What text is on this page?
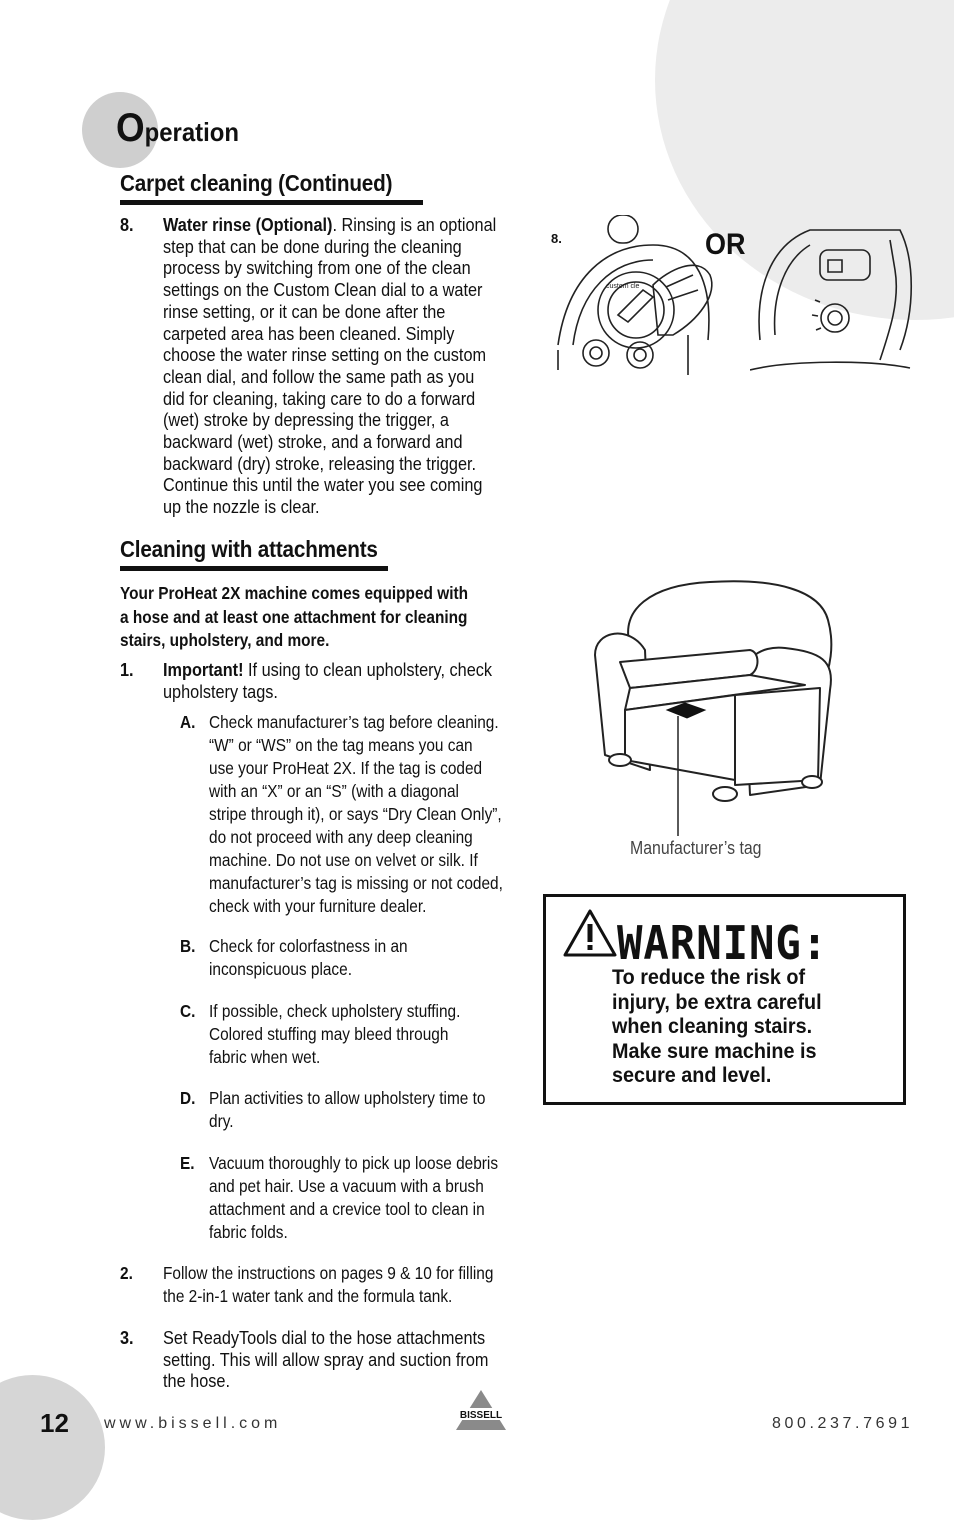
Operation
Carpet cleaning (Continued)
8. Water rinse (Optional). Rinsing is an optional
step that can be done during the cleaning
process by switching from one of the clean
settings on the Custom Clean dial to a water
rinse setting, or it can be done after the
carpeted area has been cleaned. Simply
choose the water rinse setting on the custom
clean dial, and follow the same path as you
did for cleaning, taking care to do a forward
(wet) stroke by depressing the trigger, a
backward (wet) stroke, and a forward and
backward (dry) stroke, releasing the trigger.
Continue this until the water you see coming
up the nozzle is clear.
8.	OR
custom cle
Cleaning with attachments
Your ProHeat 2X machine comes equipped with
a hose and at least one attachment for cleaning
stairs, upholstery, and more.
1. Important! If using to clean upholstery, check
upholstery tags.
A. Check manufacturer’s tag before cleaning.
“W” or “WS” on the tag means you can
use your ProHeat 2X. If the tag is coded
with an “X” or an “S” (with a diagonal
stripe through it), or says “Dry Clean Only”,
do not proceed with any deep cleaning
machine. Do not use on velvet or silk. If
manufacturer’s tag is missing or not coded,
check with your furniture dealer.
B. Check for colorfastness in an
inconspicuous place.
C. If possible, check upholstery stuffing.
Colored stuffing may bleed through
fabric when wet.
D. Plan activities to allow upholstery time to
dry.
E. Vacuum thoroughly to pick up loose debris
and pet hair. Use a vacuum with a brush
attachment and a crevice tool to clean in
fabric folds.
2. Follow the instructions on pages 9 & 10 for filling
the 2-in-1 water tank and the formula tank.
3. Set ReadyTools dial to the hose attachments
setting. This will allow spray and suction from
the hose.
Manufacturer’s tag
WARNING:
To reduce the risk of
injury, be extra careful
when cleaning stairs.
Make sure machine is
secure and level.
12 www.bissell.com	BISSELL	800.237.7691
